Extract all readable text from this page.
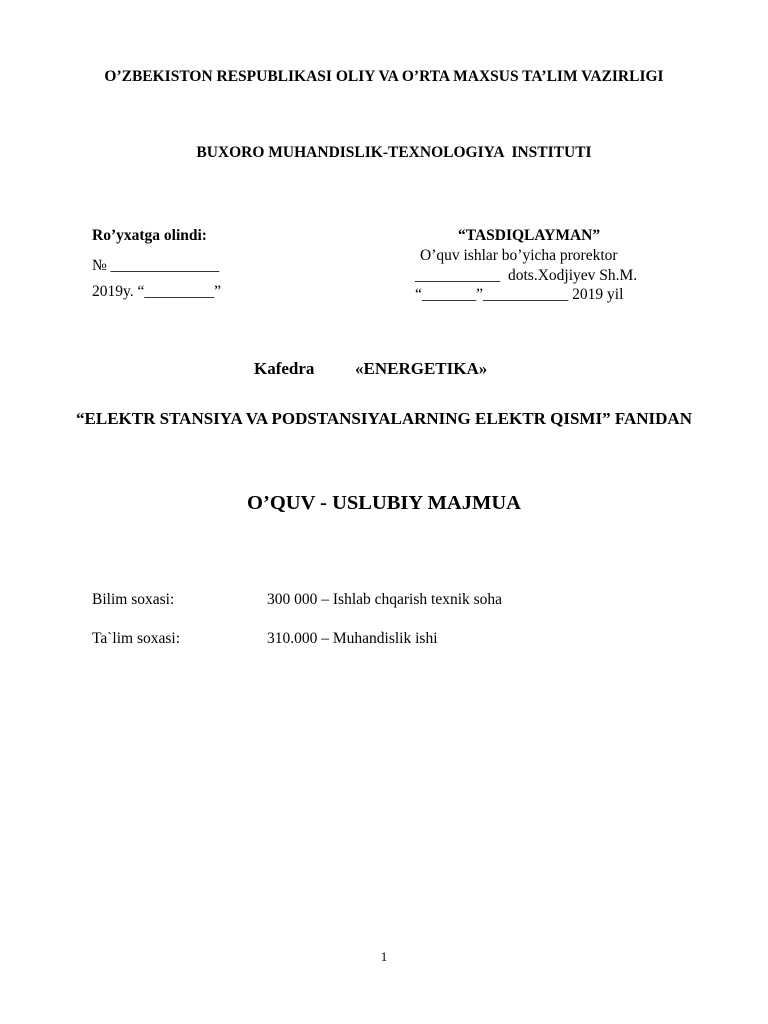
O’ZBEKISTON RESPUBLIKASI OLIY VA O’RTA MAXSUS TA’LIM VAZIRLIGI
BUXORO MUHANDISLIK-TEXNOLOGIYA  INSTITUTI
Ro’yxatga olindi:
№ ______________
2019y. “_________”
“TASDIQLAYMAN”
O’quv ishlar bo’yicha prorektor
___________  dots.Xodjiyev Sh.M.
“_______”___________ 2019 yil
Kafedra «ENERGETIKA»
“ELEKTR STANSIYA VA PODSTANSIYALARNING ELEKTR QISMI” FANIDAN
O’QUV - USLUBIY MAJMUA
Bilim soxasi:	300 000 – Ishlab chqarish texnik soha
Ta`lim soxasi:	310.000 – Muhandislik ishi
1
